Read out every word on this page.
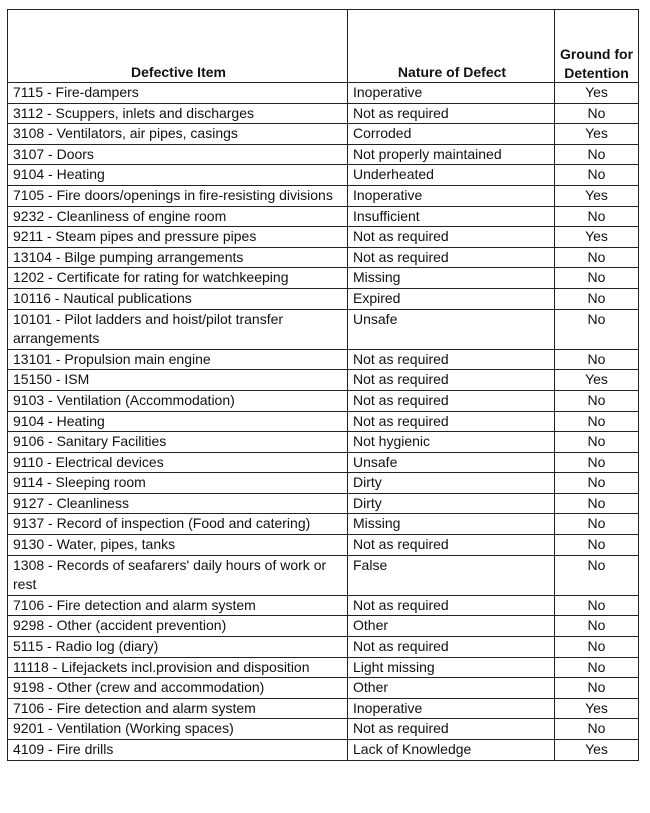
Defective Item	Nature of Defect	Ground for Detention
7115 - Fire-dampers	Inoperative	Yes
3112 - Scuppers, inlets and discharges	Not as required	No
3108 - Ventilators, air pipes, casings	Corroded	Yes
3107 - Doors	Not properly maintained	No
9104 - Heating	Underheated	No
7105 - Fire doors/openings in fire-resisting divisions	Inoperative	Yes
9232 - Cleanliness of engine room	Insufficient	No
9211 - Steam pipes and pressure pipes	Not as required	Yes
13104 - Bilge pumping arrangements	Not as required	No
1202 - Certificate for rating for watchkeeping	Missing	No
10116 - Nautical publications	Expired	No
10101 - Pilot ladders and hoist/pilot transfer arrangements	Unsafe	No
13101 - Propulsion main engine	Not as required	No
15150 - ISM	Not as required	Yes
9103 - Ventilation (Accommodation)	Not as required	No
9104 - Heating	Not as required	No
9106 - Sanitary Facilities	Not hygienic	No
9110 - Electrical devices	Unsafe	No
9114 - Sleeping room	Dirty	No
9127 - Cleanliness	Dirty	No
9137 - Record of inspection (Food and catering)	Missing	No
9130 - Water, pipes, tanks	Not as required	No
1308 - Records of seafarers' daily hours of work or rest	False	No
7106 - Fire detection and alarm system	Not as required	No
9298 - Other (accident prevention)	Other	No
5115 - Radio log (diary)	Not as required	No
11118 - Lifejackets incl.provision and disposition	Light missing	No
9198 - Other (crew and accommodation)	Other	No
7106 - Fire detection and alarm system	Inoperative	Yes
9201 - Ventilation (Working spaces)	Not as required	No
4109 - Fire drills	Lack of Knowledge	Yes
